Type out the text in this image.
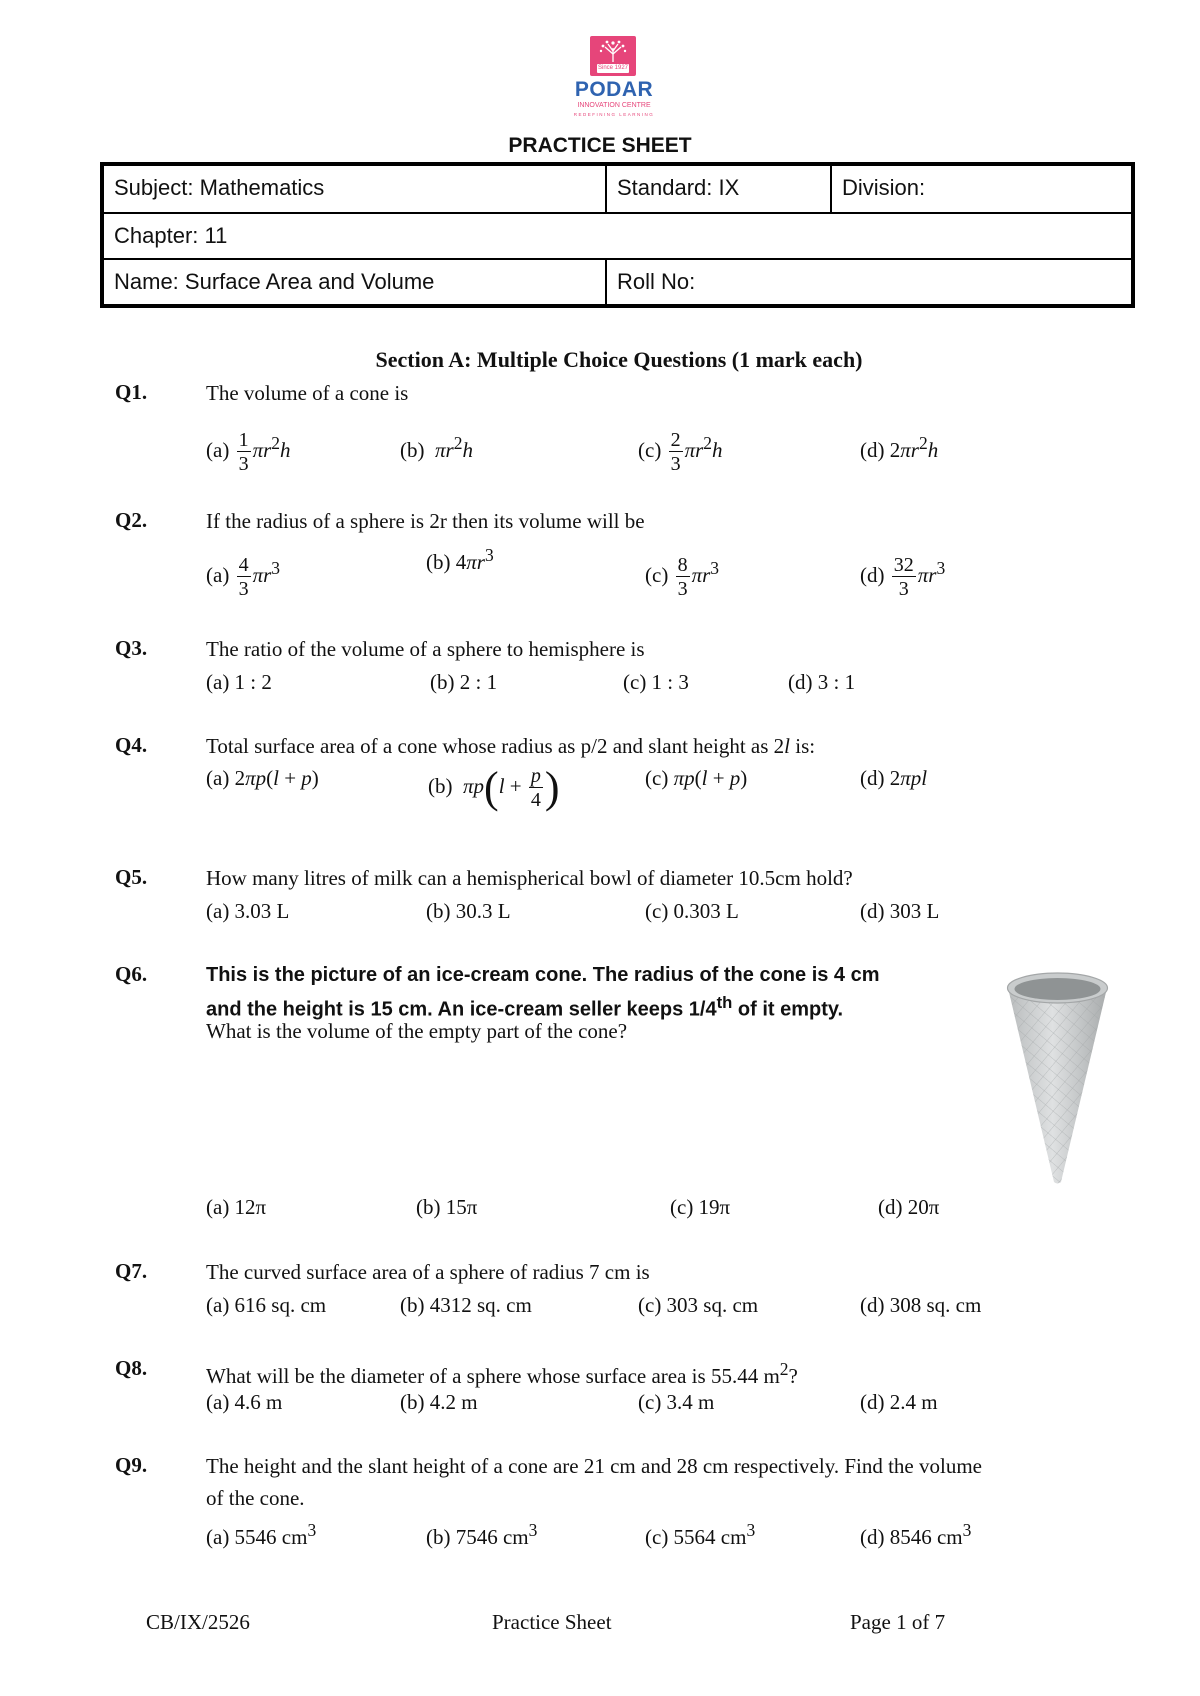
Since 1927
PODAR
INNOVATION CENTRE
REDEFINING LEARNING
PRACTICE SHEET
Subject: Mathematics	Standard: IX	Division:
Chapter: 11
Name: Surface Area and Volume	Roll No:
Section A: Multiple Choice Questions (1 mark each)
Q1.	The volume of a cone is
$(a) \frac{1}{3} \pi r^2h$	(b) $\pi r^2h$	$(c) \frac{2}{3} \pi r^2h$	(d) $2\pi r^2h$
Q2.	If the radius of a sphere is 2r then its volume will be
$(a) \frac{4}{3} \pi r^3$	(b) $4\pi r^3$
$(c) \frac{8}{3} \pi r^3$	$(d) \frac{32}{3} \pi r^3$
Q3.	The ratio of the volume of a sphere to hemisphere is
(a) 1 : 2	(b) 2 : 1	(c) 1 : 3	(d) 3 : 1
Q4.	Total surface area of a cone whose radius as p/2 and slant height as 2l is:
(a) 2πp(l + p)	(b) $\pi p(l + \frac{p}{4}$ )	(c) πp(l + p)	(d) 2πpl
Q5.	How many litres of milk can a hemispherical bowl of diameter 10.5cm hold?
(a) 3.03 L	(b) 30.3 L	(c) 0.303 L	(d) 303 L
Q6.	This is the picture of an ice-cream cone. The radius of the cone is 4 cm
and the height is 15 cm. An ice-cream seller keeps 1/4th of it empty.
What is the volume of the empty part of the cone?
(a) 12π	(b) 15π	(c) 19π	(d) 20π
Q7.	The curved surface area of a sphere of radius 7 cm is
(a) 616 sq. cm	(b) 4312 sq. cm	(c) 303 sq. cm	(d) 308 sq. cm
Q8.	What will be the diameter of a sphere whose surface area is 55.44 $m^2$?
(a) 4.6 m	(b) 4.2 m	(c) 3.4 m	(d) 2.4 m
Q9.	The height and the slant height of a cone are 21 cm and 28 cm respectively. Find the volume
of the cone.
(a) 5546 $cm^3$	(b) 7546 $cm^3$	(c) 5564 $cm^3$	(d) 8546 $cm^3$
CB/IX/2526	Practice Sheet	Page 1 of 7
